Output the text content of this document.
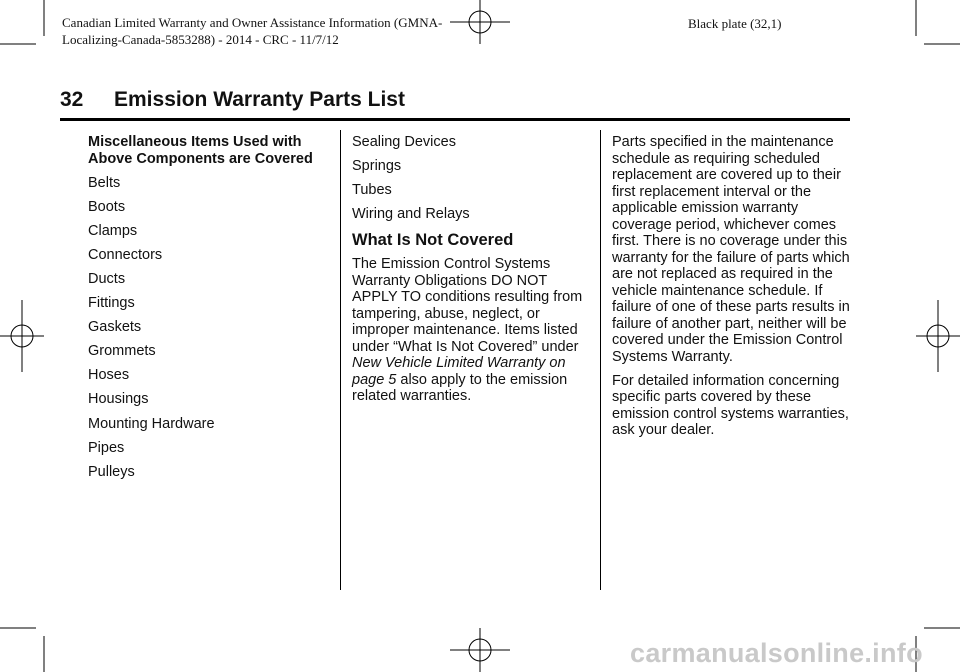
Canadian Limited Warranty and Owner Assistance Information (GMNA-
Localizing-Canada-5853288) - 2014 - CRC - 11/7/12
Black plate (32,1)
32 Emission Warranty Parts List

Miscellaneous Items Used with Above Components are Covered

Belts

Boots

Clamps

Connectors

Ducts

Fittings

Gaskets

Grommets

Hoses

Housings

Mounting Hardware

Pipes

Pulleys

Sealing Devices

Springs

Tubes

Wiring and Relays

What Is Not Covered

The Emission Control Systems Warranty Obligations DO NOT APPLY TO conditions resulting from tampering, abuse, neglect, or improper maintenance. Items listed under “What Is Not Covered” under New Vehicle Limited Warranty on page 5 also apply to the emission related warranties.

Parts specified in the maintenance schedule as requiring scheduled replacement are covered up to their first replacement interval or the applicable emission warranty coverage period, whichever comes first. There is no coverage under this warranty for the failure of parts which are not replaced as required in the vehicle maintenance schedule. If failure of one of these parts results in failure of another part, neither will be covered under the Emission Control Systems Warranty.

For detailed information concerning specific parts covered by these emission control systems warranties, ask your dealer.

carmanualsonline.info
